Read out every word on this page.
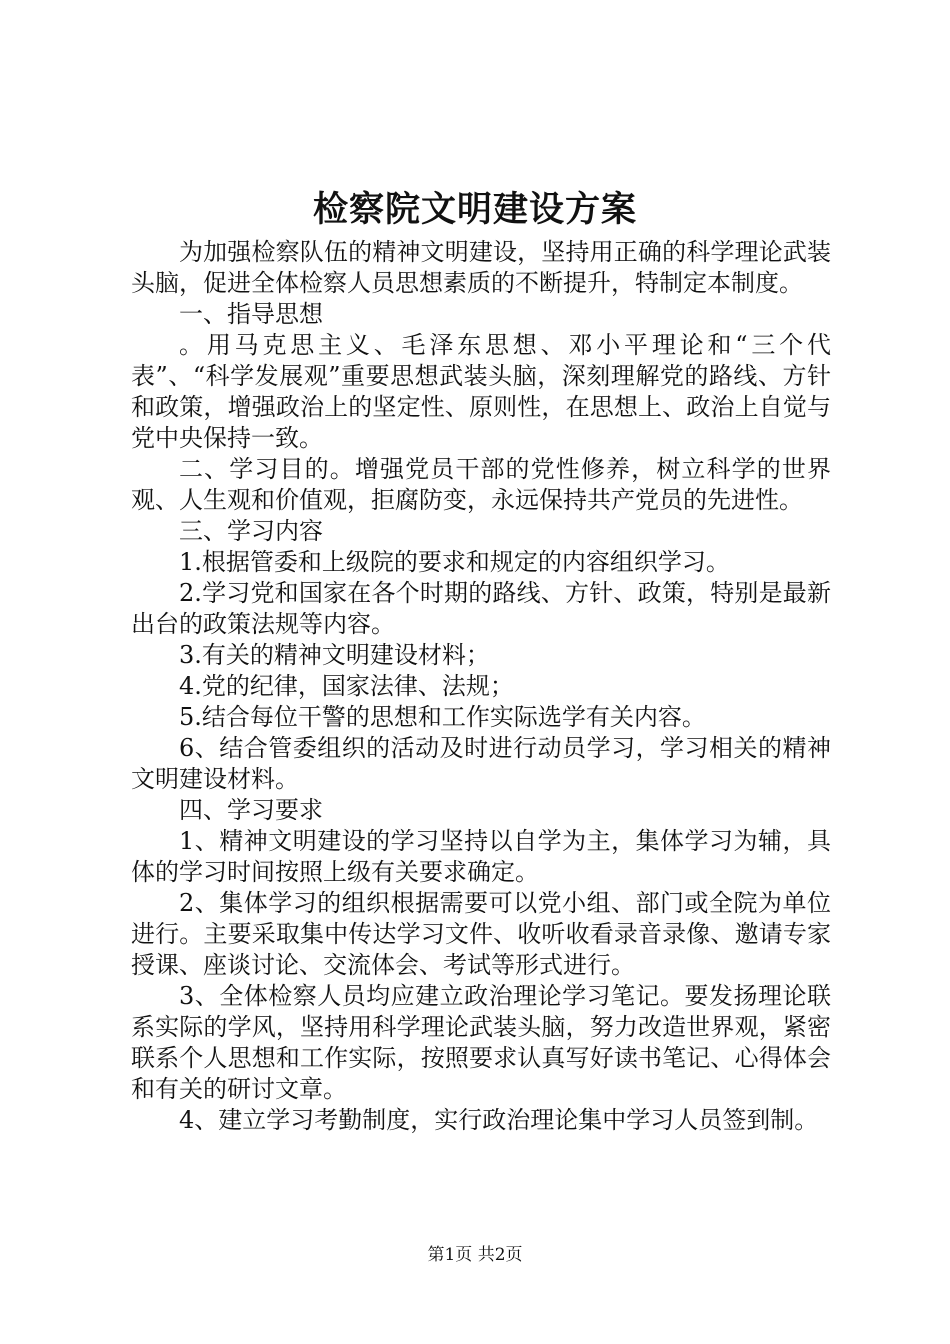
检察院文明建设方案

为加强检察队伍的精神文明建设，坚持用正确的科学理论武装头脑，促进全体检察人员思想素质的不断提升，特制定本制度。

一、指导思想

。用马克思主义、毛泽东思想、邓小平理论和“三个代表”、“科学发展观”重要思想武装头脑，深刻理解党的路线、方针和政策，增强政治上的坚定性、原则性，在思想上、政治上自觉与党中央保持一致。

二、学习目的。增强党员干部的党性修养，树立科学的世界观、人生观和价值观，拒腐防变，永远保持共产党员的先进性。

三、学习内容

1.根据管委和上级院的要求和规定的内容组织学习。

2.学习党和国家在各个时期的路线、方针、政策，特别是最新出台的政策法规等内容。

3.有关的精神文明建设材料；

4.党的纪律，国家法律、法规；

5.结合每位干警的思想和工作实际选学有关内容。

6、结合管委组织的活动及时进行动员学习，学习相关的精神文明建设材料。

四、学习要求

1、精神文明建设的学习坚持以自学为主，集体学习为辅，具体的学习时间按照上级有关要求确定。

2、集体学习的组织根据需要可以党小组、部门或全院为单位进行。主要采取集中传达学习文件、收听收看录音录像、邀请专家授课、座谈讨论、交流体会、考试等形式进行。

3、全体检察人员均应建立政治理论学习笔记。要发扬理论联系实际的学风，坚持用科学理论武装头脑，努力改造世界观，紧密联系个人思想和工作实际，按照要求认真写好读书笔记、心得体会和有关的研讨文章。

4、建立学习考勤制度，实行政治理论集中学习人员签到制。

第1页 共2页
